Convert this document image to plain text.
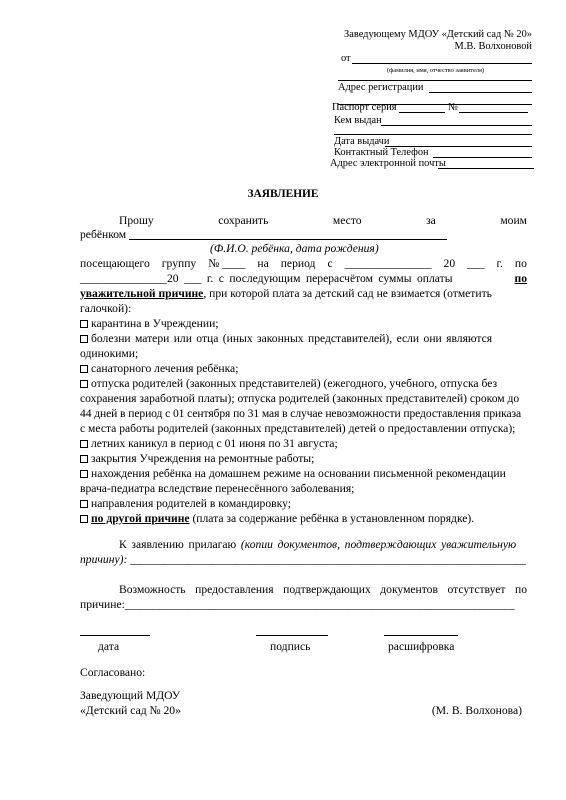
Заведующему МДОУ «Детский сад № 20»
М.В. Волхоновой
от
(фамилия, имя, отчество заявителя)
Адрес регистрации
Паспорт серия	№
Кем выдан
Дата выдачи
Контактный Телефон
Адрес электронной почты
ЗАЯВЛЕНИЕ
Прошу	сохранить	место	за	моим
ребёнком
(Ф.И.О. ребёнка, дата рождения)
посещающего группу № ____ на период с _______________ 20 ___ г. по
_______________20 ___ г. с последующим перерасчётом суммы оплаты	по
уважительной причине, при которой плата за детский сад не взимается (отметить
галочкой):
карантина в Учреждении;
болезни матери или отца (иных законных представителей), если они являются
одинокими;
санаторного лечения ребёнка;
отпуска родителей (законных представителей) (ежегодного, учебного, отпуска без
сохранения заработной платы); отпуска родителей (законных представителей) сроком до
44 дней в период с 01 сентября по 31 мая в случае невозможности предоставления приказа
с места работы родителей (законных представителей) детей о предоставлении отпуска);
летних каникул в период с 01 июня по 31 августа;
закрытия Учреждения на ремонтные работы;
нахождения ребёнка на домашнем режиме на основании письменной рекомендации
врача-педиатра вследствие перенесённого заболевания;
направления родителей в командировку;
по другой причине (плата за содержание ребёнка в установленном порядке).
К заявлению прилагаю (копии документов, подтверждающих уважительную
причину): __________________________________________________________________
Возможность предоставления подтверждающих документов отсутствует по
причине:________________________________________________________________
дата	подпись	расшифровка
Согласовано:
Заведующий МДОУ
«Детский сад № 20»	(М. В. Волхонова)
